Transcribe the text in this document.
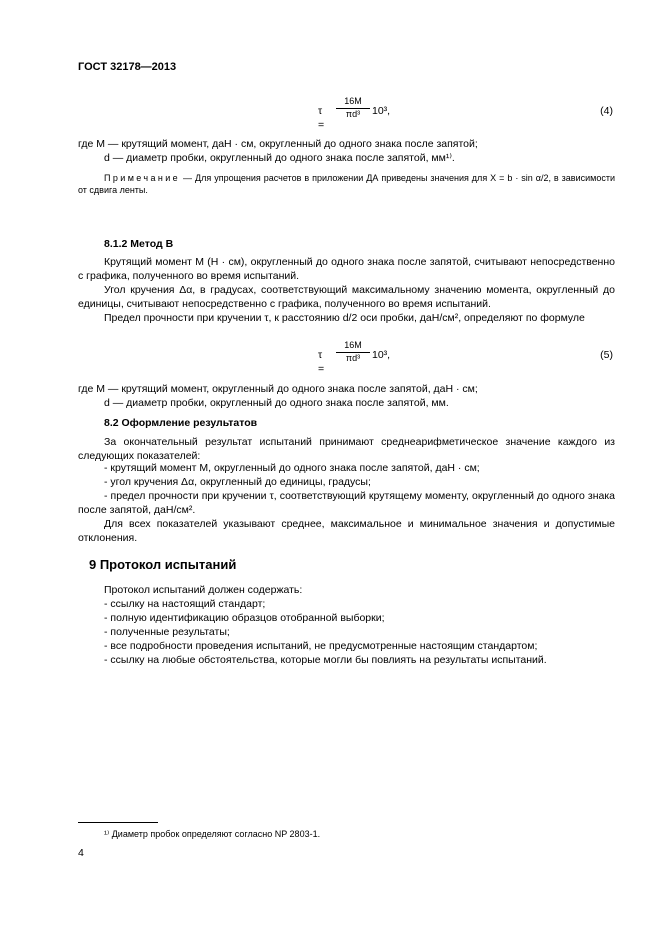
ГОСТ 32178—2013
τ =
$\frac{16M}{\text{πd³}} 10^3$,	(4)
где M — крутящий момент, даН · см, округленный до одного знака после запятой;
d — диаметр пробки, округленный до одного знака после запятой, мм¹⁾.
Примечание — Для упрощения расчетов в приложении ДА приведены значения для X = b · sin α/2, в зависимости от сдвига ленты.
8.1.2 Метод В
Крутящий момент M (Н · см), округленный до одного знака после запятой, считывают непосредственно с графика, полученного во время испытаний.
Угол кручения Δα, в градусах, соответствующий максимальному значению момента, округленный до единицы, считывают непосредственно с графика, полученного во время испытаний.
Предел прочности при кручении τ, к расстоянию d/2 оси пробки, даН/см², определяют по формуле
τ =
$\frac{16M}{\text{πd³}} 10^3$,	(5)
где M — крутящий момент, округленный до одного знака после запятой, даН · см;
d — диаметр пробки, округленный до одного знака после запятой, мм.
8.2 Оформление результатов
За окончательный результат испытаний принимают среднеарифметическое значение каждого из следующих показателей:
- крутящий момент M, округленный до одного знака после запятой, даН · см;
- угол кручения Δα, округленный до единицы, градусы;
- предел прочности при кручении τ, соответствующий крутящему моменту, округленный до одного знака после запятой, даН/см².
Для всех показателей указывают среднее, максимальное и минимальное значения и допустимые отклонения.
9 Протокол испытаний
Протокол испытаний должен содержать:
- ссылку на настоящий стандарт;
- полную идентификацию образцов отобранной выборки;
- полученные результаты;
- все подробности проведения испытаний, не предусмотренные настоящим стандартом;
- ссылку на любые обстоятельства, которые могли бы повлиять на результаты испытаний.
¹⁾ Диаметр пробок определяют согласно NP 2803-1.
4
